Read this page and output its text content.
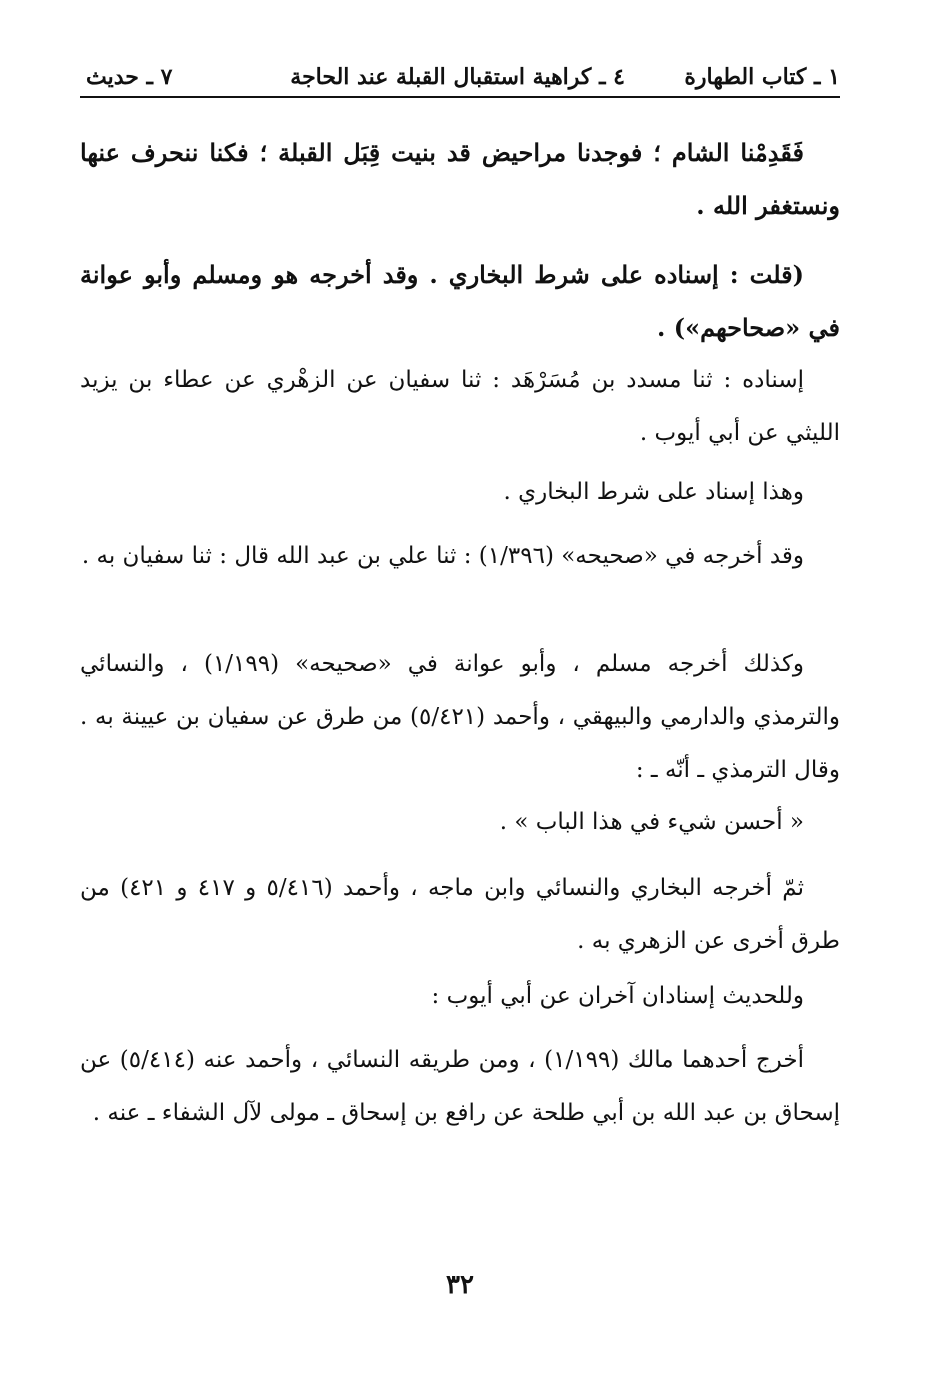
١ ـ كتاب الطهارة
٤ ـ كراهية استقبال القبلة عند الحاجة
٧ ـ حديث

فَقَدِمْنا الشام ؛ فوجدنا مراحيض قد بنيت قِبَل القبلة ؛ فكنا ننحرف عنها ونستغفر الله .

(قلت : إسناده على شرط البخاري . وقد أخرجه هو ومسلم وأبو عوانة في «صحاحهم») .

إسناده : ثنا مسدد بن مُسَرْهَد : ثنا سفيان عن الزهْري عن عطاء بن يزيد الليثي عن أبي أيوب .

وهذا إسناد على شرط البخاري .

وقد أخرجه في «صحيحه» (١/٣٩٦) : ثنا علي بن عبد الله قال : ثنا سفيان به .

وكذلك أخرجه مسلم ، وأبو عوانة في «صحيحه» (١/١٩٩) ، والنسائي والترمذي والدارمي والبيهقي ، وأحمد (٥/٤٢١) من طرق عن سفيان بن عيينة به . وقال الترمذي ـ أنّه ـ :

« أحسن شيء في هذا الباب » .

ثمّ أخرجه البخاري والنسائي وابن ماجه ، وأحمد (٥/٤١٦ و ٤١٧ و ٤٢١) من طرق أخرى عن الزهري به .

وللحديث إسنادان آخران عن أبي أيوب :

أخرج أحدهما مالك (١/١٩٩) ، ومن طريقه النسائي ، وأحمد عنه (٥/٤١٤) عن إسحاق بن عبد الله بن أبي طلحة عن رافع بن إسحاق ـ مولى لآل الشفاء ـ عنه .

٣٢
